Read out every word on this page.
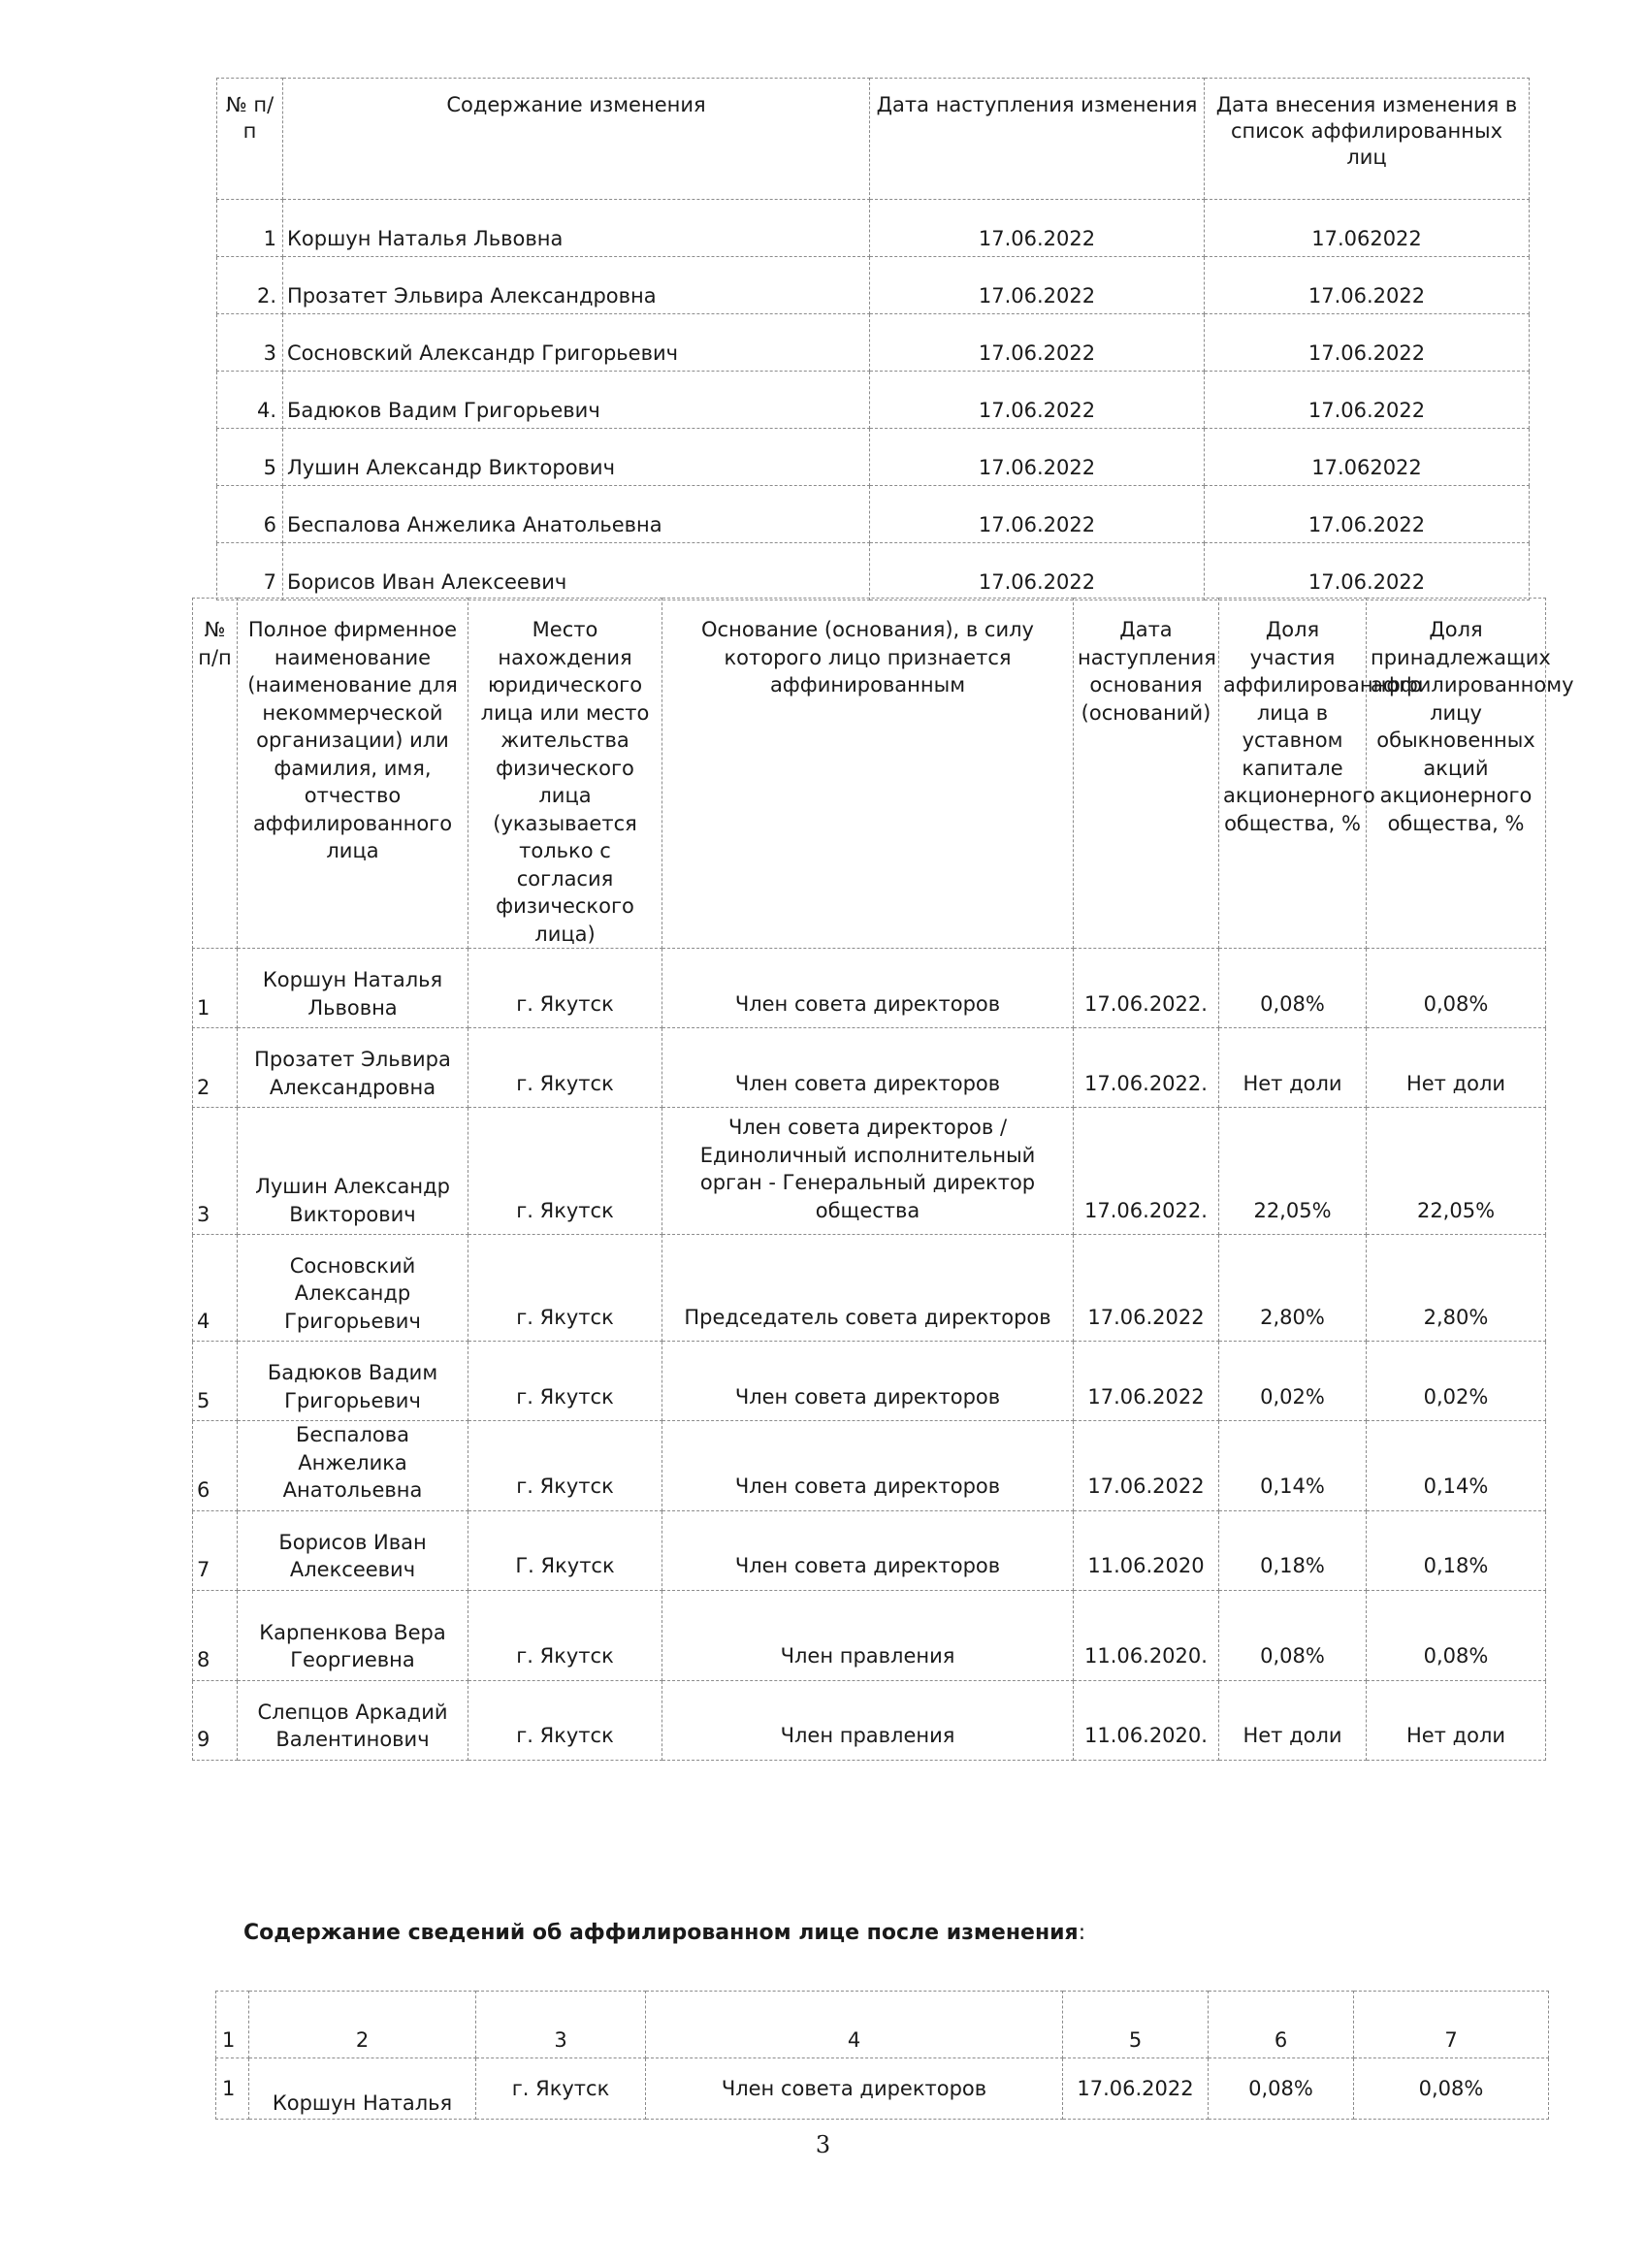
№ п/п	Содержание изменения	Дата наступления изменения	Дата внесения изменения в список аффилированных лиц
1	Коршун Наталья Львовна	17.06.2022	17.062022
2.	Прозатет Эльвира Александровна	17.06.2022	17.06.2022
3	Сосновский Александр Григорьевич	17.06.2022	17.06.2022
4.	Бадюков Вадим Григорьевич	17.06.2022	17.06.2022
5	Лушин Александр Викторович	17.06.2022	17.062022
6	Беспалова Анжелика Анатольевна	17.06.2022	17.06.2022
7	Борисов Иван Алексеевич	17.06.2022	17.06.2022
№ п/п	Полное фирменное наименование (наименование для некоммерческой организации) или фамилия, имя, отчество аффилированного лица	Место нахождения юридического лица или место жительства физического лица (указывается только с согласия физического лица)	Основание (основания), в силу которого лицо признается аффинированным	Дата наступления основания (оснований)	Доля участия аффилированного лица в уставном капитале акционерного общества, %	Доля принадлежащих аффилированному лицу обыкновенных акций акционерного общества, %
1	Коршун Наталья Львовна	г. Якутск	Член совета директоров	17.06.2022.	0,08%	0,08%
2	Прозатет Эльвира Александровна	г. Якутск	Член совета директоров	17.06.2022.	Нет доли	Нет доли
3	Лушин Александр Викторович	г. Якутск	Член совета директоров / Единоличный исполнительный орган - Генеральный директор общества	17.06.2022.	22,05%	22,05%
4	Сосновский Александр Григорьевич	г. Якутск	Председатель совета директоров	17.06.2022	2,80%	2,80%
5	Бадюков Вадим Григорьевич	г. Якутск	Член совета директоров	17.06.2022	0,02%	0,02%
6	Беспалова Анжелика Анатольевна	г. Якутск	Член совета директоров	17.06.2022	0,14%	0,14%
7	Борисов Иван Алексеевич	Г. Якутск	Член совета директоров	11.06.2020	0,18%	0,18%
8	Карпенкова Вера Георгиевна	г. Якутск	Член правления	11.06.2020.	0,08%	0,08%
9	Слепцов Аркадий Валентинович	г. Якутск	Член правления	11.06.2020.	Нет доли	Нет доли
Содержание сведений об аффилированном лице после изменения:
1	2	3	4	5	6	7
1	Коршун Наталья	г. Якутск	Член совета директоров	17.06.2022	0,08%	0,08%
3
